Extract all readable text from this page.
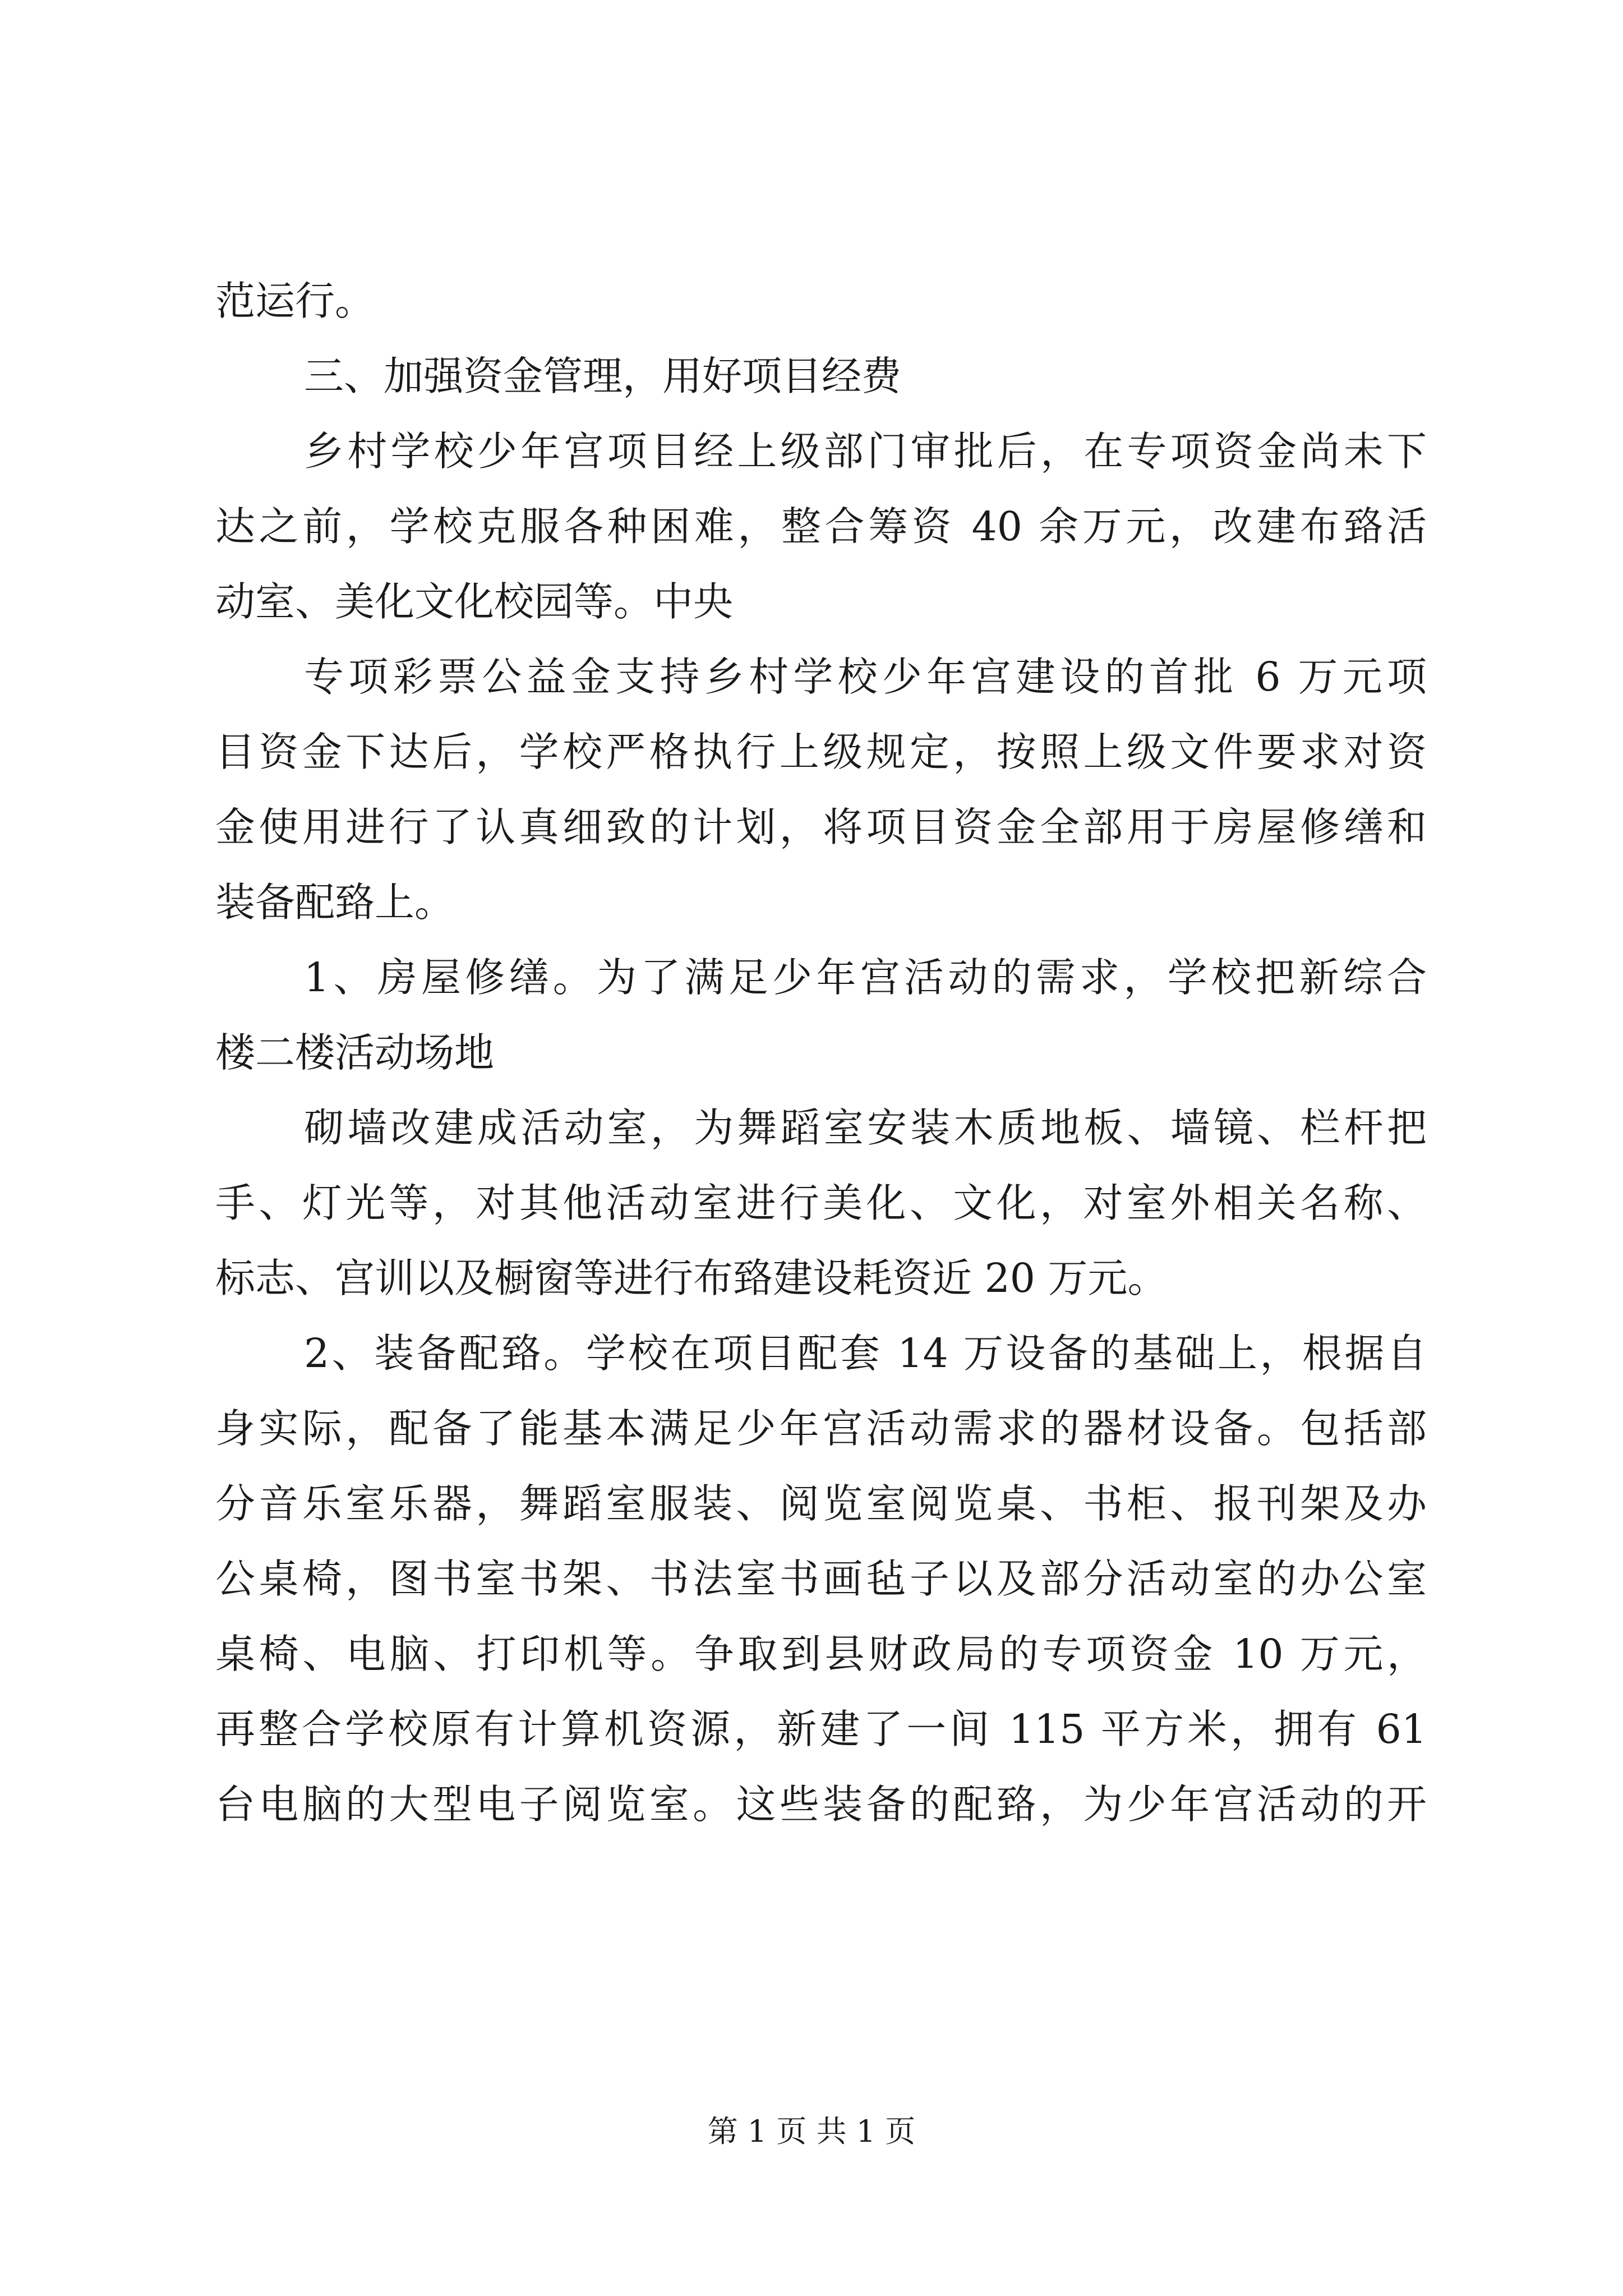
范运行。
三、加强资金管理，用好项目经费
乡村学校少年宫项目经上级部门审批后，在专项资金尚未下
达之前，学校克服各种困难，整合筹资 40 余万元，改建布臵活
动室、美化文化校园等。中央
专项彩票公益金支持乡村学校少年宫建设的首批 6 万元项
目资金下达后，学校严格执行上级规定，按照上级文件要求对资
金使用进行了认真细致的计划，将项目资金全部用于房屋修缮和
装备配臵上。
1、房屋修缮。为了满足少年宫活动的需求，学校把新综合
楼二楼活动场地
砌墙改建成活动室，为舞蹈室安装木质地板、墙镜、栏杆把
手、灯光等，对其他活动室进行美化、文化，对室外相关名称、
标志、宫训以及橱窗等进行布臵建设耗资近 20 万元。
2、装备配臵。学校在项目配套 14 万设备的基础上，根据自
身实际，配备了能基本满足少年宫活动需求的器材设备。包括部
分音乐室乐器，舞蹈室服装、阅览室阅览桌、书柜、报刊架及办
公桌椅，图书室书架、书法室书画毡子以及部分活动室的办公室
桌椅、电脑、打印机等。争取到县财政局的专项资金 10 万元，
再整合学校原有计算机资源，新建了一间 115 平方米，拥有 61
台电脑的大型电子阅览室。这些装备的配臵，为少年宫活动的开
第 1 页 共 1 页
